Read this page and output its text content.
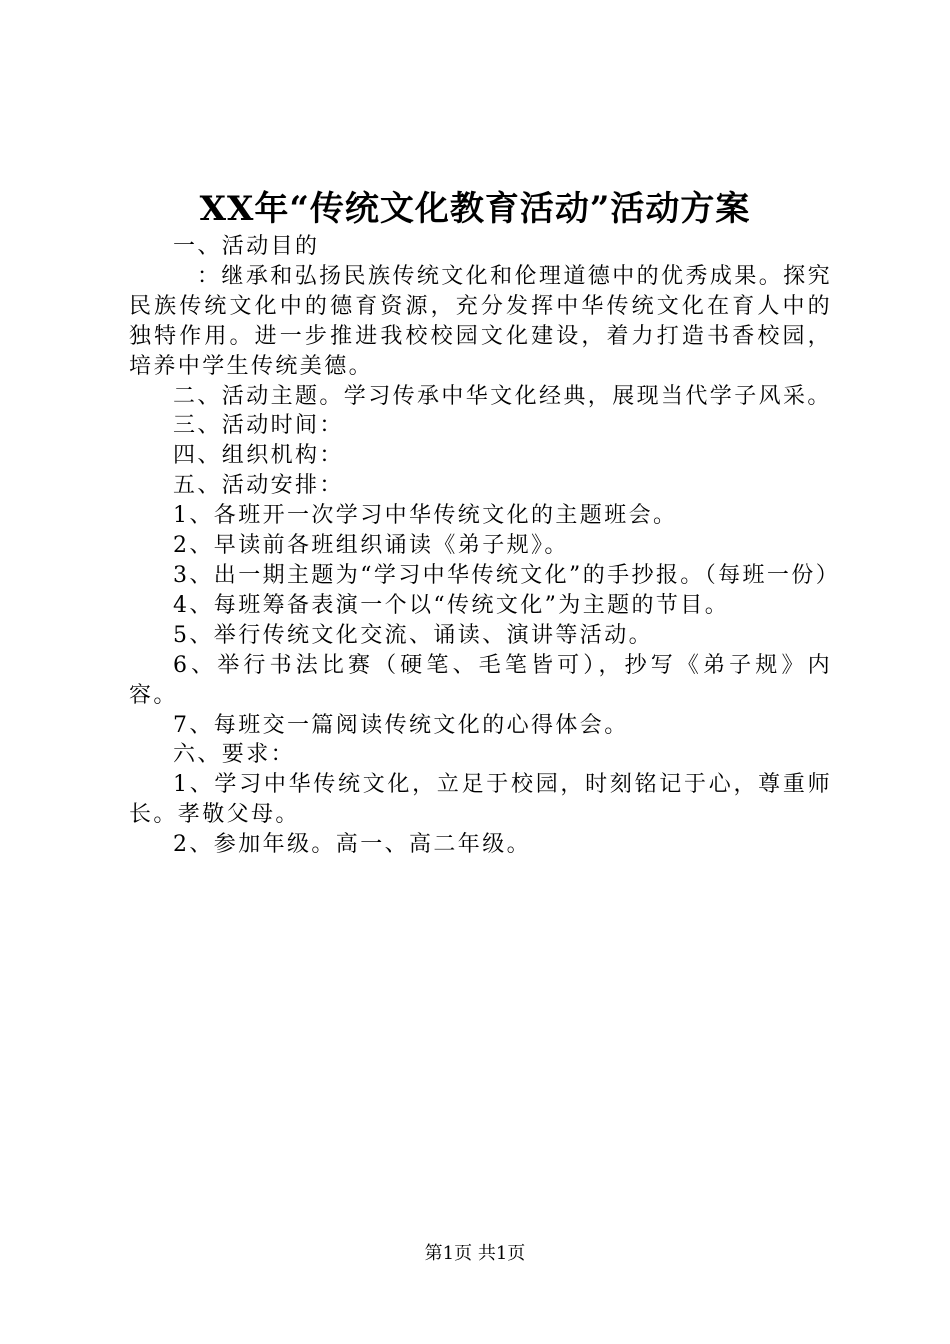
XX年“传统文化教育活动”活动方案

一、活动目的

：继承和弘扬民族传统文化和伦理道德中的优秀成果。探究民族传统文化中的德育资源，充分发挥中华传统文化在育人中的独特作用。进一步推进我校校园文化建设，着力打造书香校园，培养中学生传统美德。

二、活动主题。学习传承中华文化经典，展现当代学子风采。

三、活动时间：

四、组织机构：

五、活动安排：

1、各班开一次学习中华传统文化的主题班会。

2、早读前各班组织诵读《弟子规》。

3、出一期主题为“学习中华传统文化”的手抄报。（每班一份）

4、每班筹备表演一个以“传统文化”为主题的节目。

5、举行传统文化交流、诵读、演讲等活动。

6、举行书法比赛（硬笔、毛笔皆可），抄写《弟子规》内容。

7、每班交一篇阅读传统文化的心得体会。

六、要求：

1、学习中华传统文化，立足于校园，时刻铭记于心，尊重师长。孝敬父母。

2、参加年级。高一、高二年级。

第1页 共1页
